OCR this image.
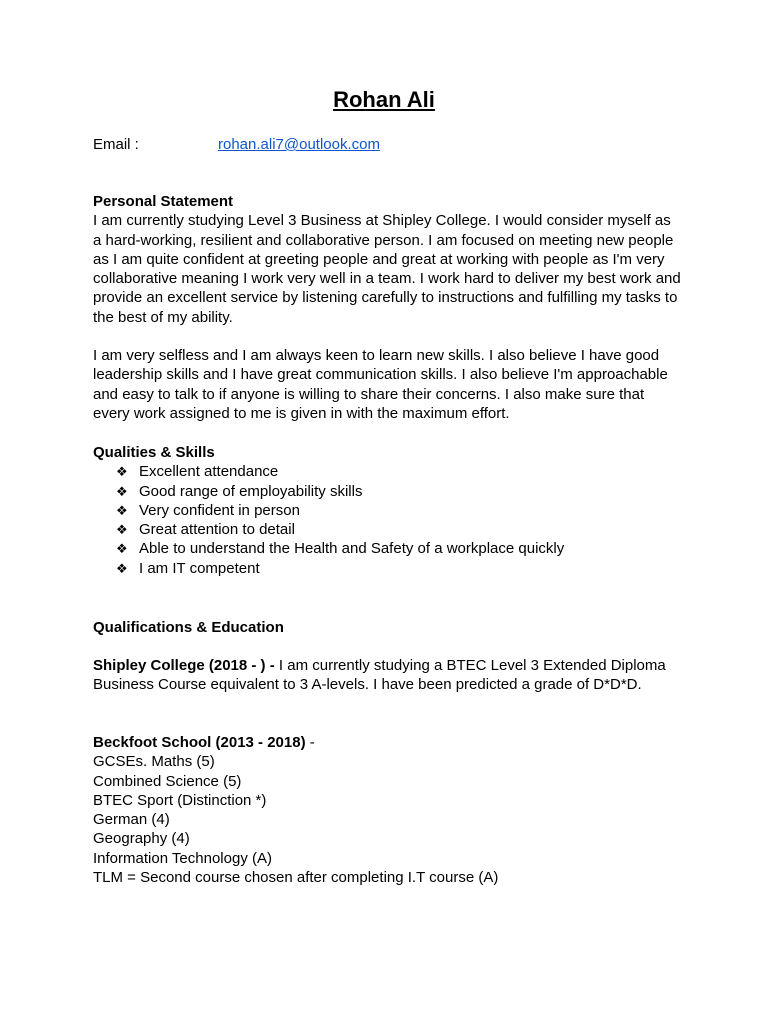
Rohan Ali
Email :	rohan.ali7@outlook.com
Personal Statement

I am currently studying Level 3 Business at Shipley College. I would consider myself as a hard-working, resilient and collaborative person. I am focused on meeting new people as I am quite confident at greeting people and great at working with people as I'm very collaborative meaning I work very well in a team. I work hard to deliver my best work and provide an excellent service by listening carefully to instructions and fulfilling my tasks to the best of my ability.

I am very selfless and I am always keen to learn new skills. I also believe I have good leadership skills and I have great communication skills. I also believe I'm approachable and easy to talk to if anyone is willing to share their concerns. I also make sure that every work assigned to me is given in with the maximum effort.

Qualities & Skills
❖ Excellent attendance
❖ Good range of employability skills
❖ Very confident in person
❖ Great attention to detail
❖ Able to understand the Health and Safety of a workplace quickly
❖ I am IT competent
Qualifications & Education

Shipley College (2018 - ) - I am currently studying a BTEC Level 3 Extended Diploma Business Course equivalent to 3 A-levels. I have been predicted a grade of D*D*D.

Beckfoot School (2013 - 2018) -

GCSEs. Maths (5)

Combined Science (5)

BTEC Sport (Distinction *)

German (4)

Geography (4)

Information Technology (A)

TLM = Second course chosen after completing I.T course (A)
